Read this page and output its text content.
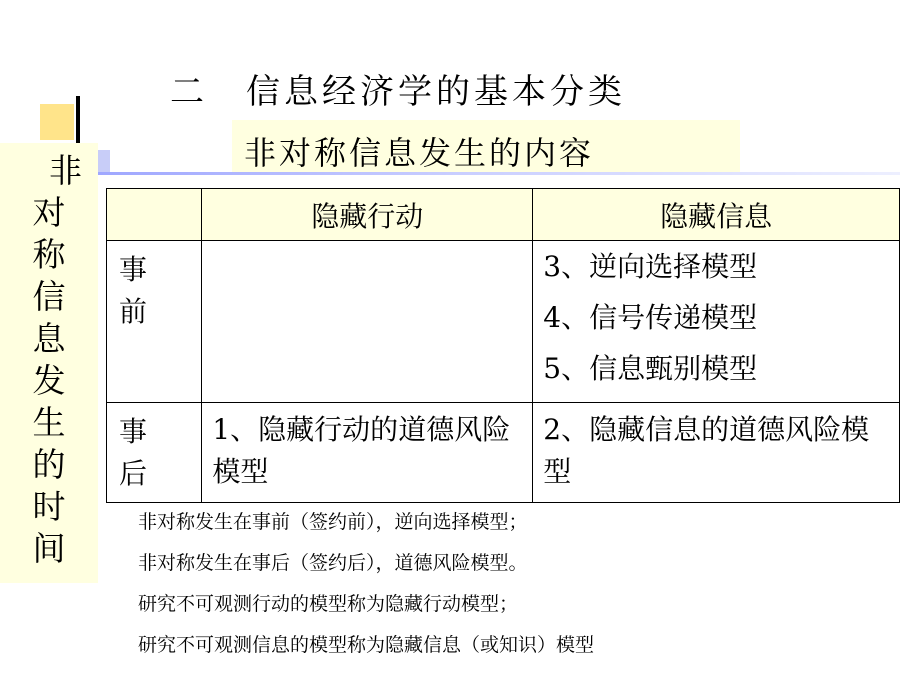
二　信息经济学的基本分类
非对称信息发生的内容
非
对
称
信
息
发
生
的
时
间
	隐藏行动	隐藏信息

事
前		3、逆向选择模型
4、信号传递模型
5、信息甄别模型

事
后	1、隐藏行动的道德风险模型	2、隐藏信息的道德风险模型
非对称发生在事前（签约前），逆向选择模型；
非对称发生在事后（签约后），道德风险模型。
研究不可观测行动的模型称为隐藏行动模型；
研究不可观测信息的模型称为隐藏信息（或知识）模型
